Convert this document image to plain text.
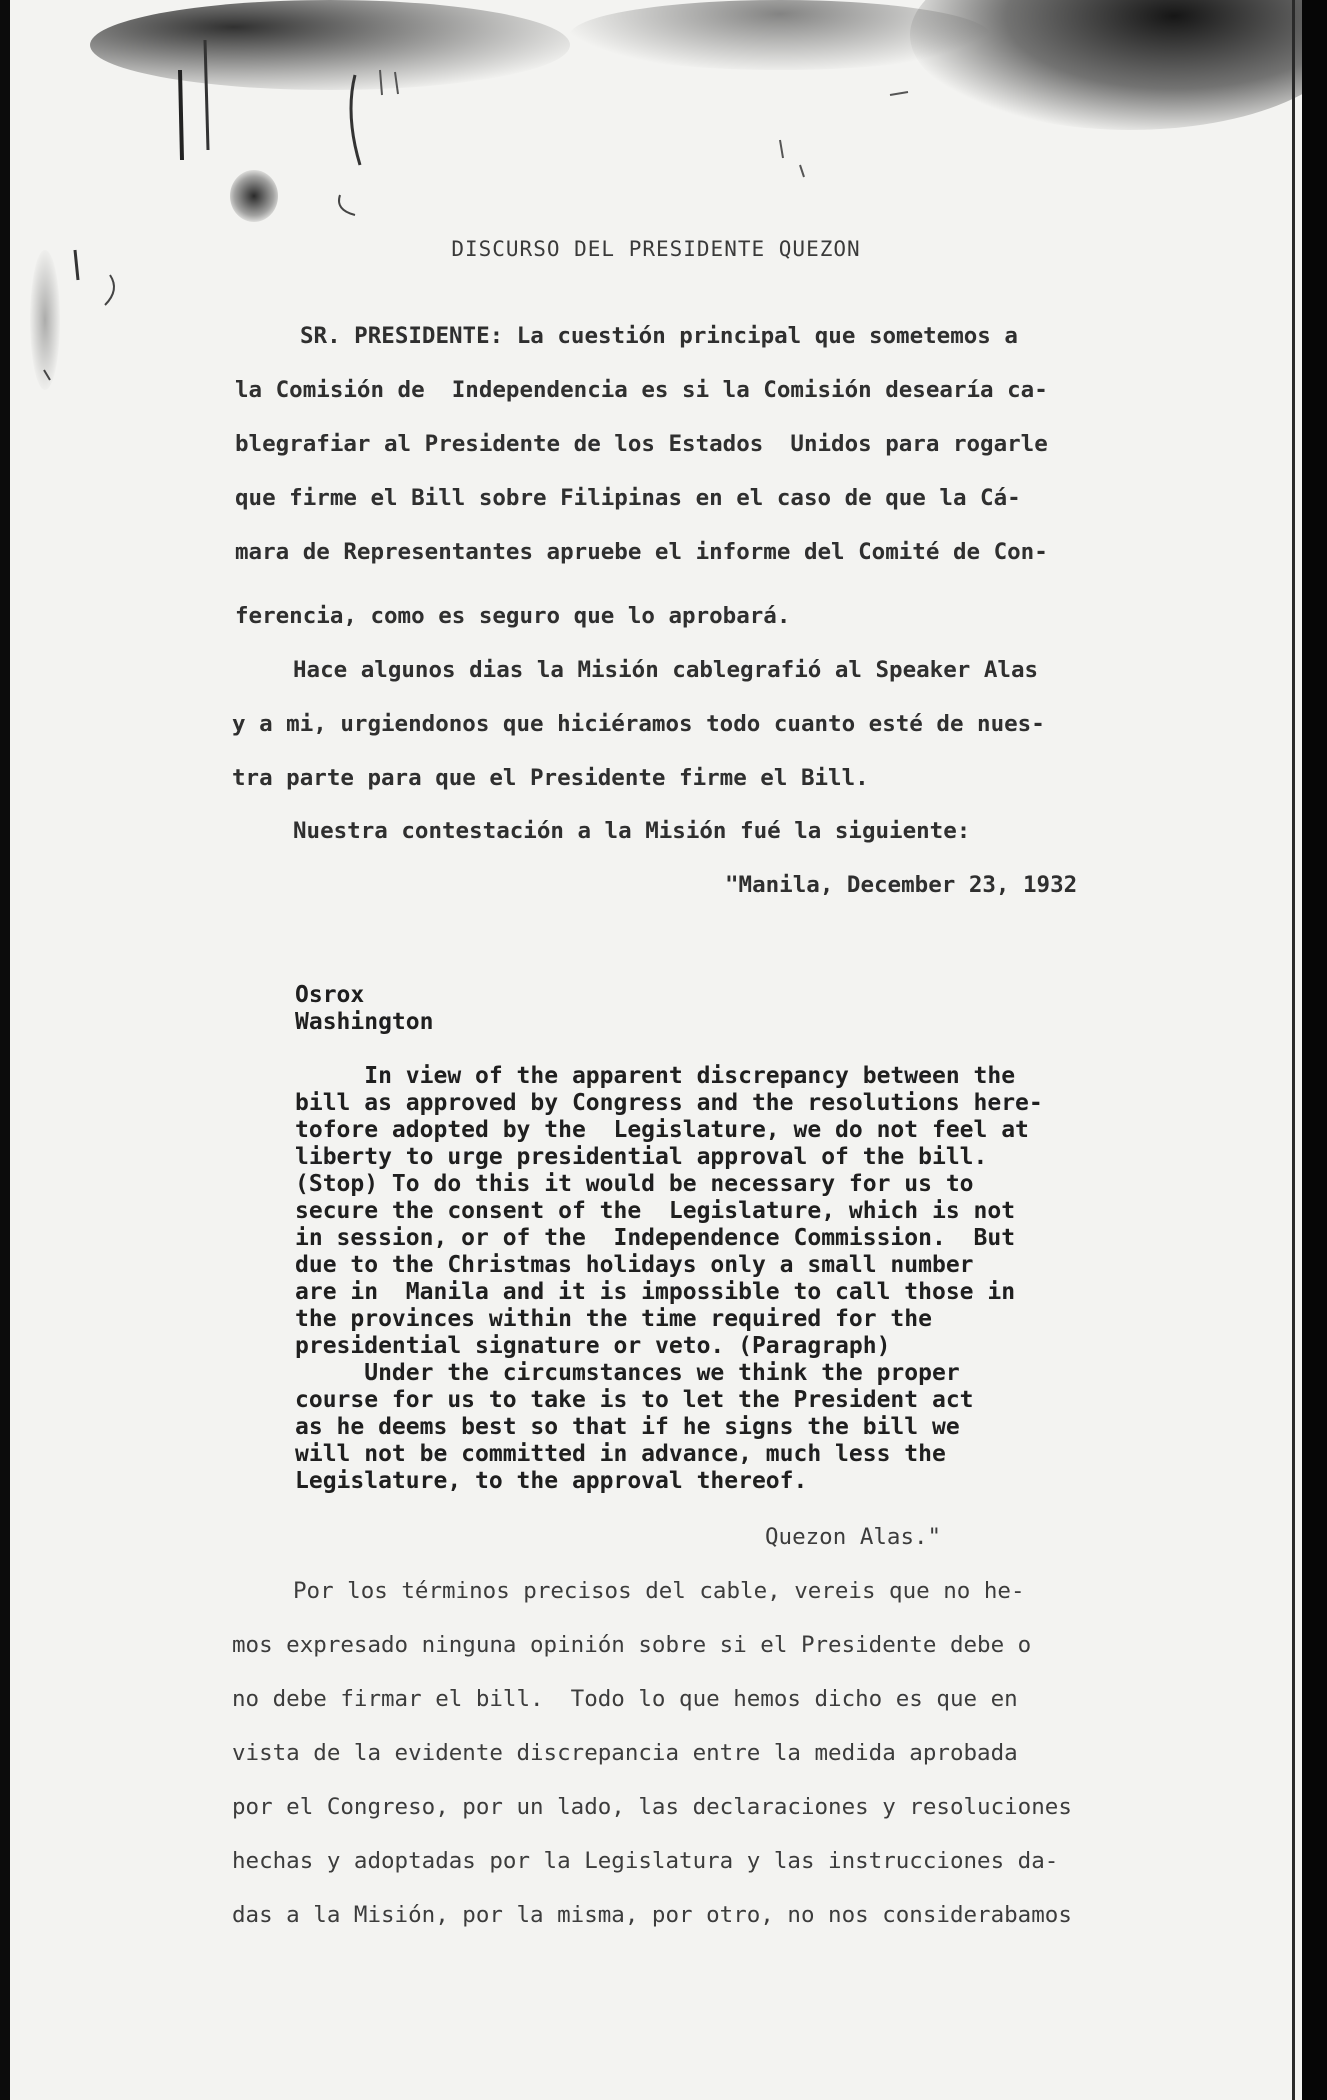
DISCURSO DEL PRESIDENTE QUEZON
SR. PRESIDENTE: La cuestión principal que sometemos a
la Comisión de  Independencia es si la Comisión desearía ca-
blegrafiar al Presidente de los Estados  Unidos para rogarle
que firme el Bill sobre Filipinas en el caso de que la Cá-
mara de Representantes apruebe el informe del Comité de Con-
ferencia, como es seguro que lo aprobará.
Hace algunos dias la Misión cablegrafió al Speaker Alas
y a mi, urgiendonos que hiciéramos todo cuanto esté de nues-
tra parte para que el Presidente firme el Bill.
Nuestra contestación a la Misión fué la siguiente:
"Manila, December 23, 1932
Osrox
Washington
In view of the apparent discrepancy between the
bill as approved by Congress and the resolutions here-
tofore adopted by the  Legislature, we do not feel at
liberty to urge presidential approval of the bill.
(Stop) To do this it would be necessary for us to
secure the consent of the  Legislature, which is not
in session, or of the  Independence Commission.  But
due to the Christmas holidays only a small number
are in  Manila and it is impossible to call those in
the provinces within the time required for the
presidential signature or veto. (Paragraph)
Under the circumstances we think the proper
course for us to take is to let the President act
as he deems best so that if he signs the bill we
will not be committed in advance, much less the
Legislature, to the approval thereof.
Quezon Alas."
Por los términos precisos del cable, vereis que no he-
mos expresado ninguna opinión sobre si el Presidente debe o
no debe firmar el bill.  Todo lo que hemos dicho es que en
vista de la evidente discrepancia entre la medida aprobada
por el Congreso, por un lado, las declaraciones y resoluciones
hechas y adoptadas por la Legislatura y las instrucciones da-
das a la Misión, por la misma, por otro, no nos considerabamos
